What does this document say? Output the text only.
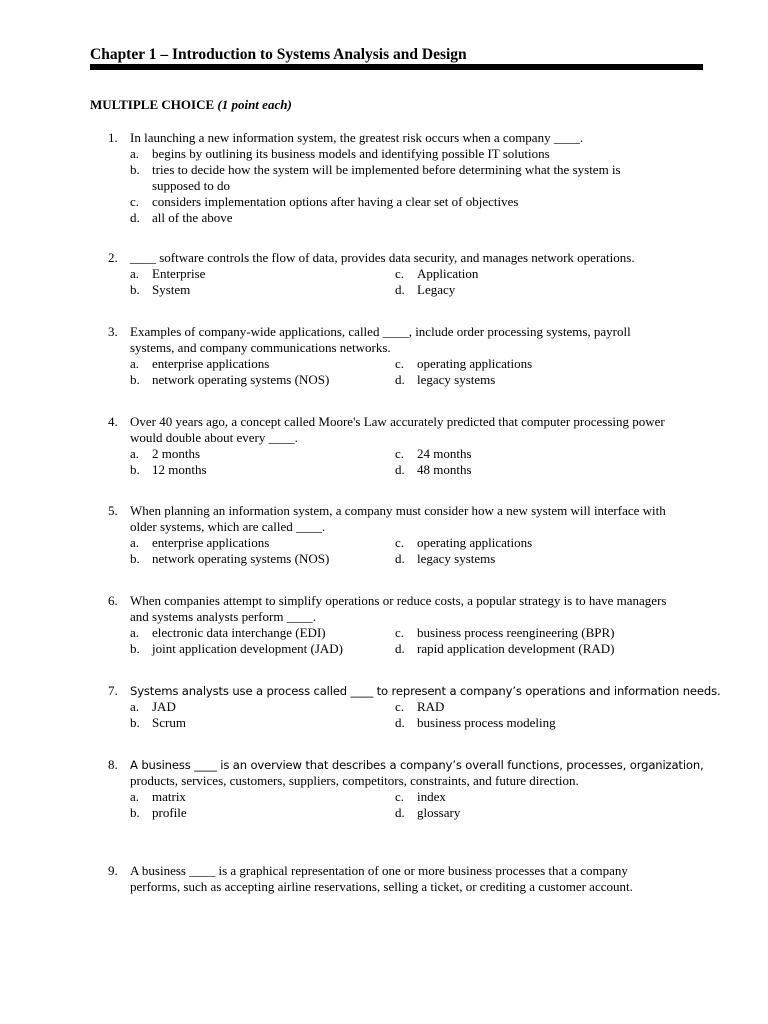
Chapter 1 – Introduction to Systems Analysis and Design
MULTIPLE CHOICE (1 point each)
1. In launching a new information system, the greatest risk occurs when a company ____.
a. begins by outlining its business models and identifying possible IT solutions
b. tries to decide how the system will be implemented before determining what the system is
supposed to do
c. considers implementation options after having a clear set of objectives
d. all of the above
2. ____ software controls the flow of data, provides data security, and manages network operations.
a. Enterprise	c. Application
b. System	d. Legacy
3. Examples of company-wide applications, called ____, include order processing systems, payroll
systems, and company communications networks.
a. enterprise applications	c. operating applications
b. network operating systems (NOS)	d. legacy systems
4. Over 40 years ago, a concept called Moore's Law accurately predicted that computer processing power
would double about every ____.
a. 2 months	c. 24 months
b. 12 months	d. 48 months
5. When planning an information system, a company must consider how a new system will interface with
older systems, which are called ____.
a. enterprise applications	c. operating applications
b. network operating systems (NOS)	d. legacy systems
6. When companies attempt to simplify operations or reduce costs, a popular strategy is to have managers
and systems analysts perform ____.
a. electronic data interchange (EDI)	c. business process reengineering (BPR)
b. joint application development (JAD)	d. rapid application development (RAD)
7. Systems analysts use a process called ____ to represent a company’s operations and information needs.
a. JAD	c. RAD
b. Scrum	d. business process modeling
8. A business ____ is an overview that describes a company’s overall functions, processes, organization,
products, services, customers, suppliers, competitors, constraints, and future direction.
a. matrix	c. index
b. profile	d. glossary
9. A business ____ is a graphical representation of one or more business processes that a company
performs, such as accepting airline reservations, selling a ticket, or crediting a customer account.
